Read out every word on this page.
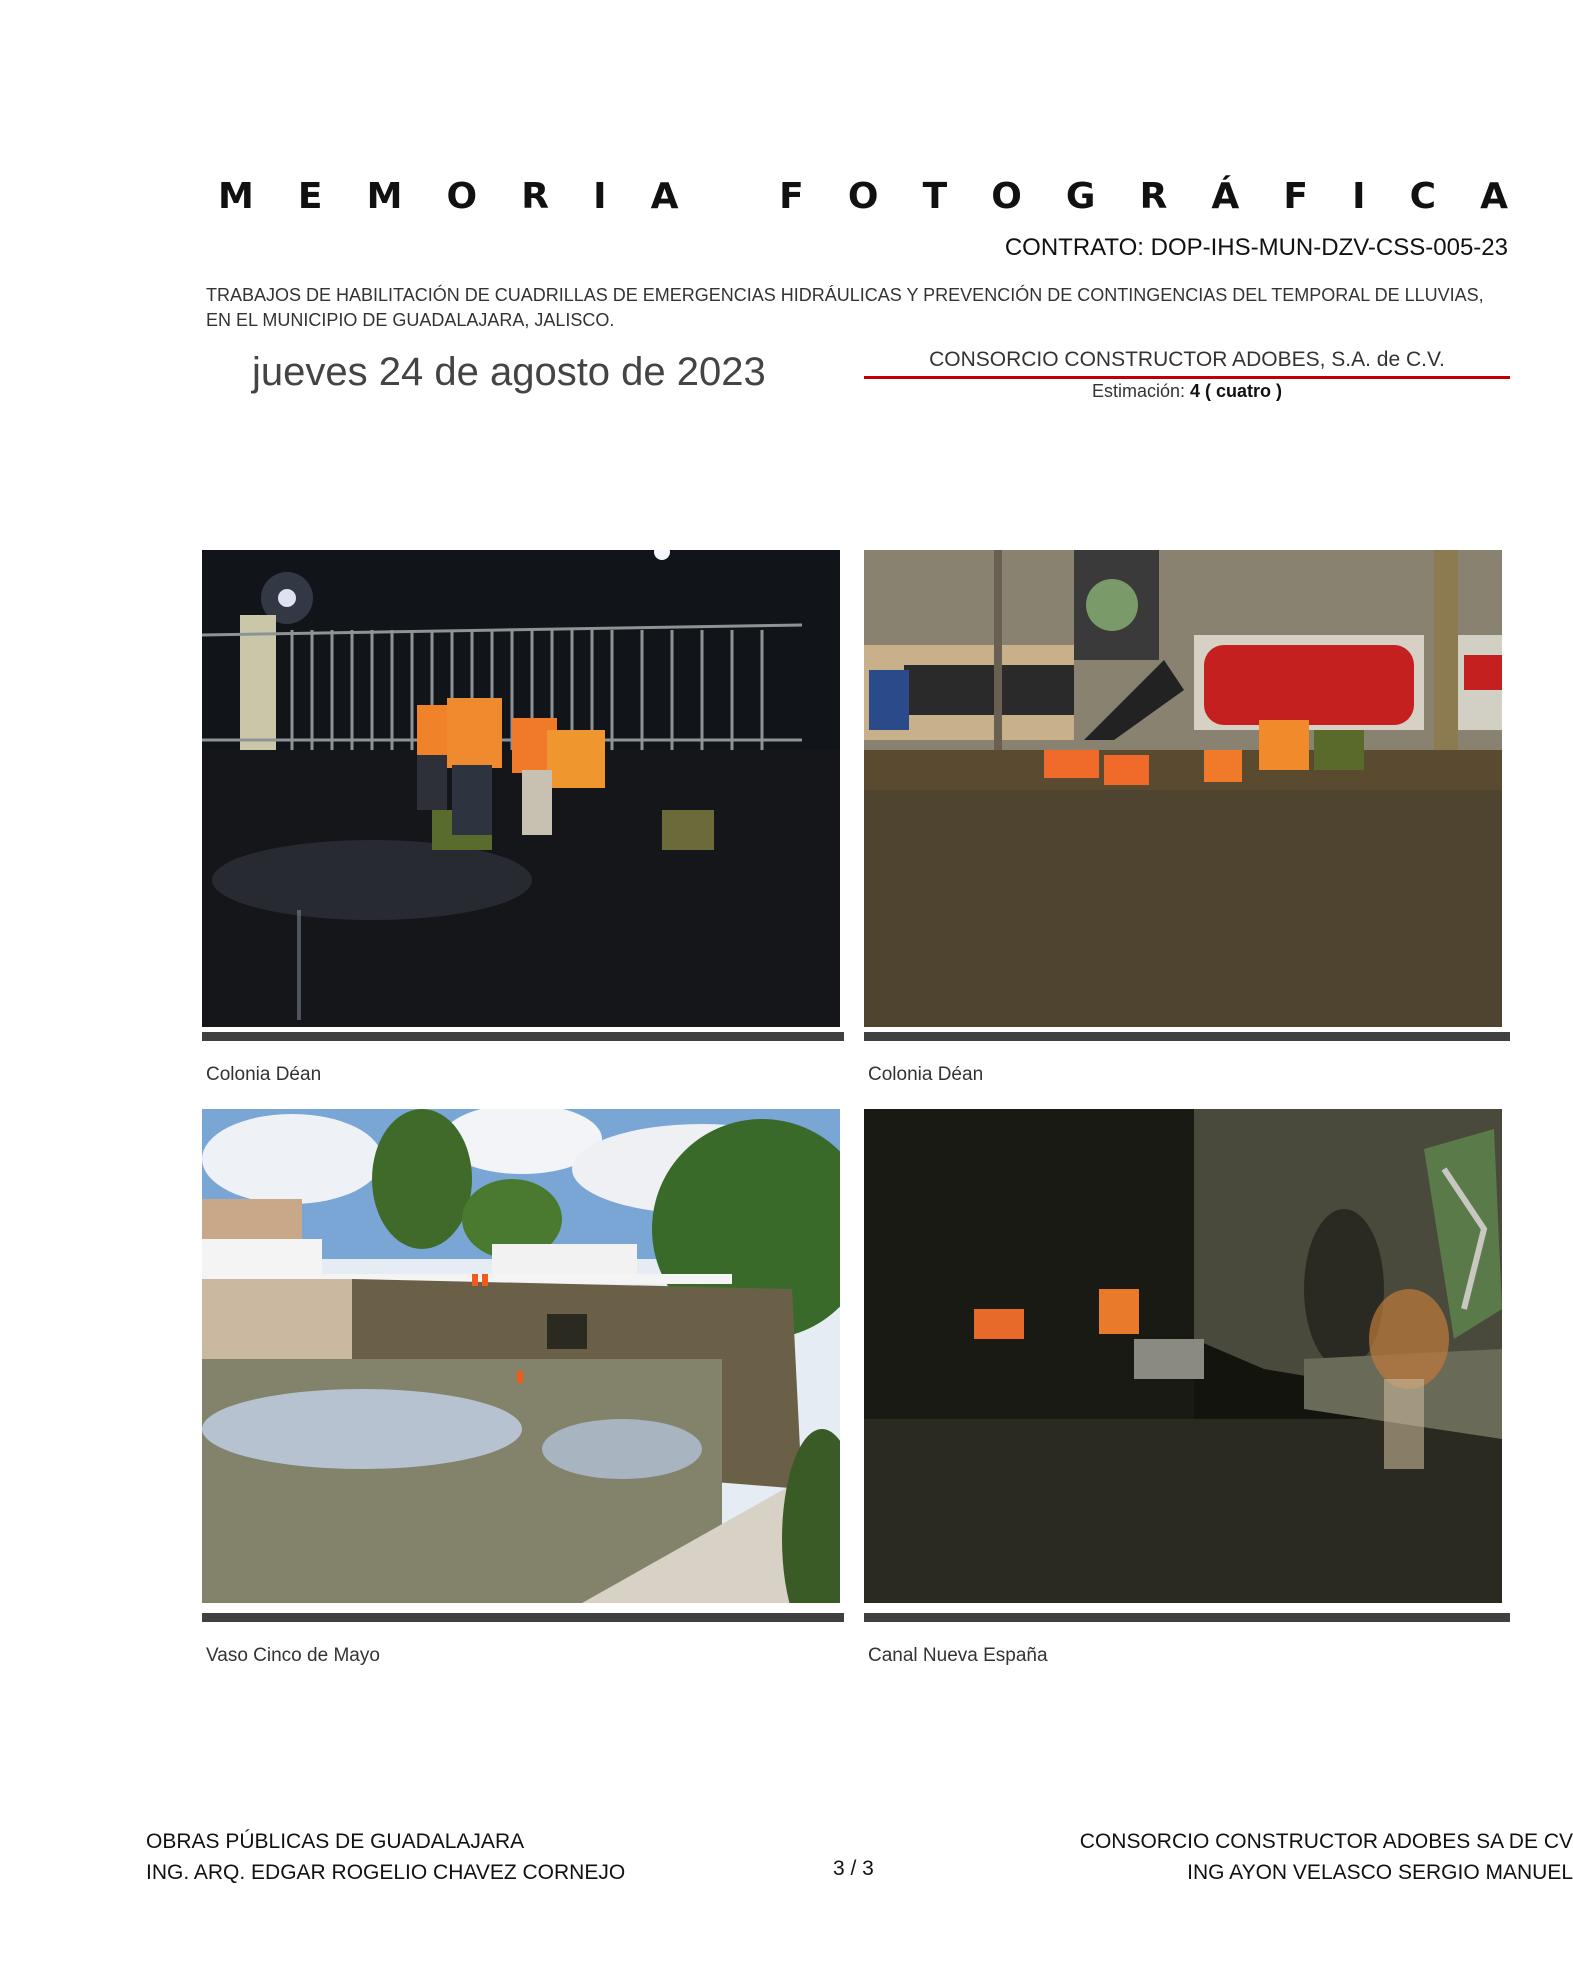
M E M O R I A
	F O T O G R Á F I C A
CONTRATO: DOP-IHS-MUN-DZV-CSS-005-23
TRABAJOS DE HABILITACIÓN DE CUADRILLAS DE EMERGENCIAS HIDRÁULICAS Y PREVENCIÓN DE CONTINGENCIAS DEL TEMPORAL DE LLUVIAS, EN EL MUNICIPIO DE GUADALAJARA, JALISCO.
jueves 24 de agosto de 2023	CONSORCIO CONSTRUCTOR ADOBES, S.A. de C.V.
Estimación: 4 ( cuatro )
Colonia Déan	Colonia Déan
Vaso Cinco de Mayo	Canal Nueva España
OBRAS PÚBLICAS DE GUADALAJARA
ING. ARQ. EDGAR ROGELIO CHAVEZ CORNEJO	3 / 3
CONSORCIO CONSTRUCTOR ADOBES SA DE CV
ING AYON VELASCO SERGIO MANUEL
